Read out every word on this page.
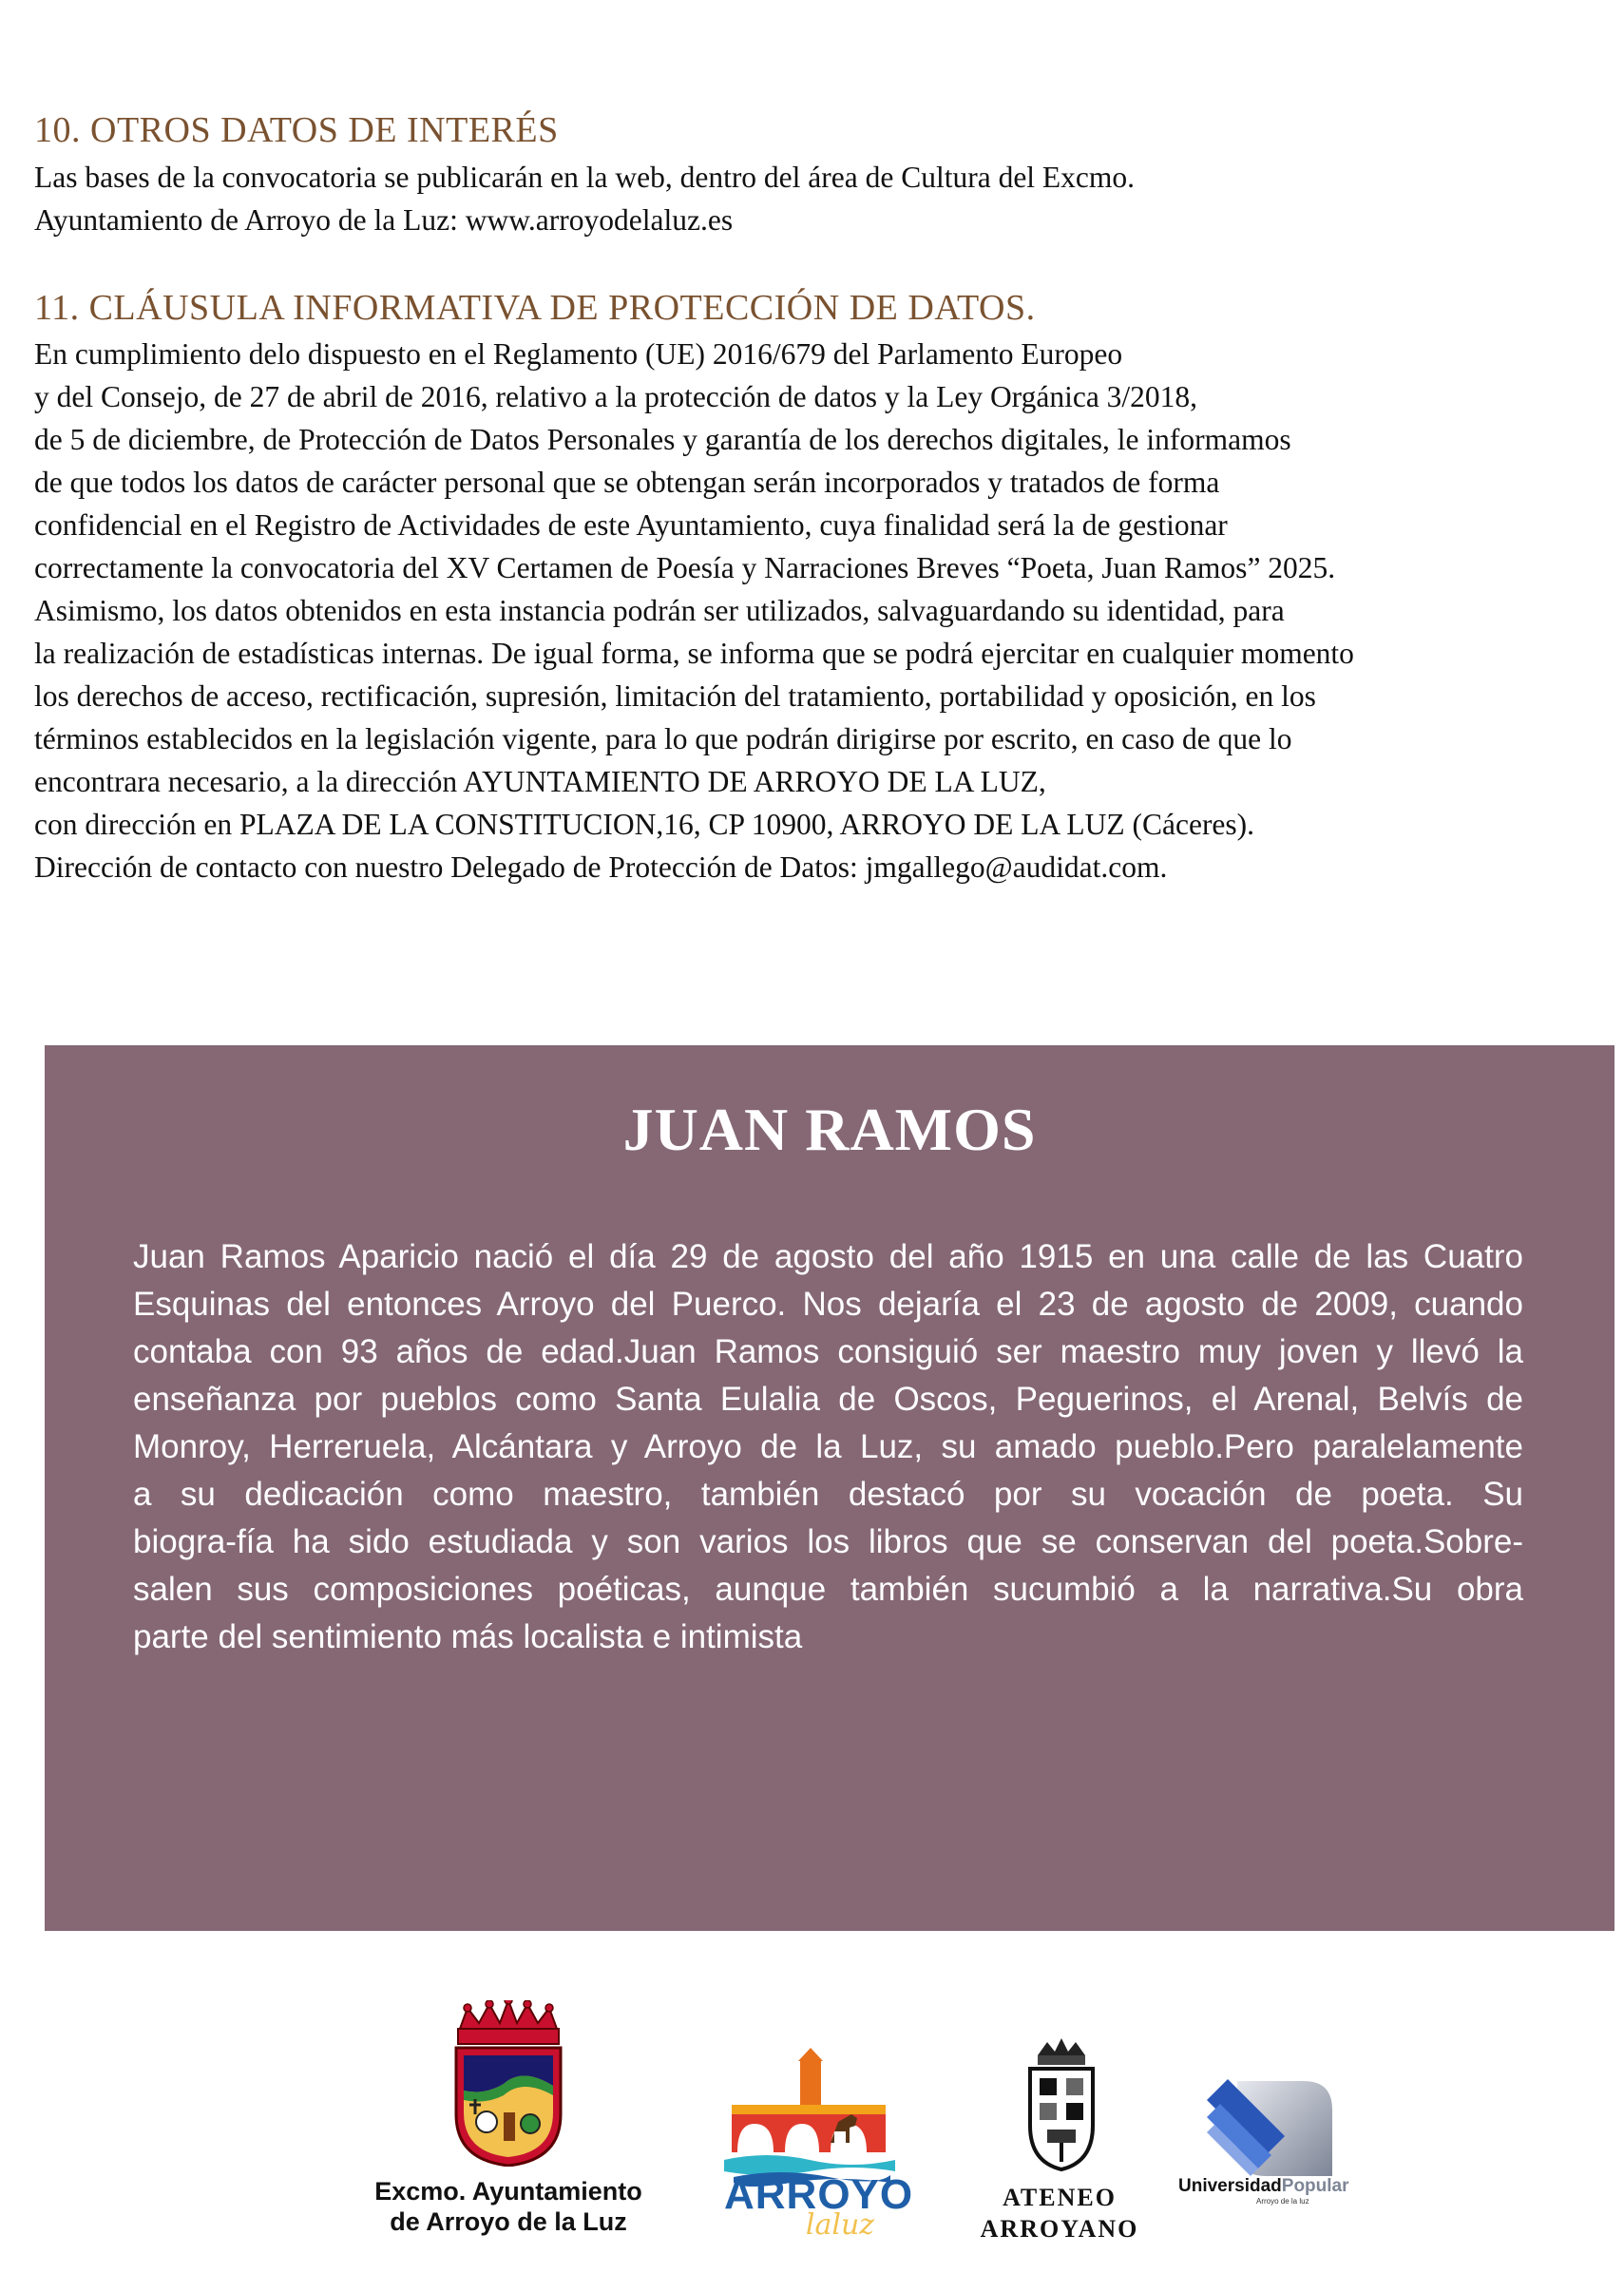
10. OTROS DATOS DE INTERÉS
Las bases de la convocatoria se publicarán en la web, dentro del área de Cultura del Excmo.
Ayuntamiento de Arroyo de la Luz: www.arroyodelaluz.es
11. CLÁUSULA INFORMATIVA DE PROTECCIÓN DE DATOS.
En cumplimiento delo dispuesto en el Reglamento (UE) 2016/679 del Parlamento Europeo
y del Consejo, de 27 de abril de 2016, relativo a la protección de datos y la Ley Orgánica 3/2018,
de 5 de diciembre, de Protección de Datos Personales y garantía de los derechos digitales, le informamos
de que todos los datos de carácter personal que se obtengan serán incorporados y tratados de forma
confidencial en el Registro de Actividades de este Ayuntamiento, cuya finalidad será la de gestionar
correctamente la convocatoria del XV Certamen de Poesía y Narraciones Breves “Poeta, Juan Ramos” 2025.
Asimismo, los datos obtenidos en esta instancia podrán ser utilizados, salvaguardando su identidad, para
la realización de estadísticas internas. De igual forma, se informa que se podrá ejercitar en cualquier momento
los derechos de acceso, rectificación, supresión, limitación del tratamiento, portabilidad y oposición, en los
términos establecidos en la legislación vigente, para lo que podrán dirigirse por escrito, en caso de que lo
encontrara necesario, a la dirección AYUNTAMIENTO DE ARROYO DE LA LUZ,
con dirección en PLAZA DE LA CONSTITUCION,16, CP 10900, ARROYO DE LA LUZ (Cáceres).
Dirección de contacto con nuestro Delegado de Protección de Datos: jmgallego@audidat.com.
JUAN RAMOS
Juan Ramos Aparicio nació el día 29 de agosto del año 1915 en una calle de las Cuatro
Esquinas del entonces Arroyo del Puerco. Nos dejaría el 23 de agosto de 2009, cuando
contaba con 93 años de edad.Juan Ramos consiguió ser maestro muy joven y llevó la
enseñanza por pueblos como Santa Eulalia de Oscos, Peguerinos, el Arenal, Belvís de
Monroy, Herreruela, Alcántara y Arroyo de la Luz, su amado pueblo.Pero paralelamente
a su dedicación como maestro, también destacó por su vocación de poeta. Su
biogra-fía ha sido estudiada y son varios los libros que se conservan del poeta.Sobre-
salen sus composiciones poéticas, aunque también sucumbió a la narrativa.Su obra
parte del sentimiento más localista e intimista
Excmo. Ayuntamiento
de Arroyo de la Luz
ARROYO
laluz
ATENEO
ARROYANO
UniversidadPopular
Arroyo de la luz
